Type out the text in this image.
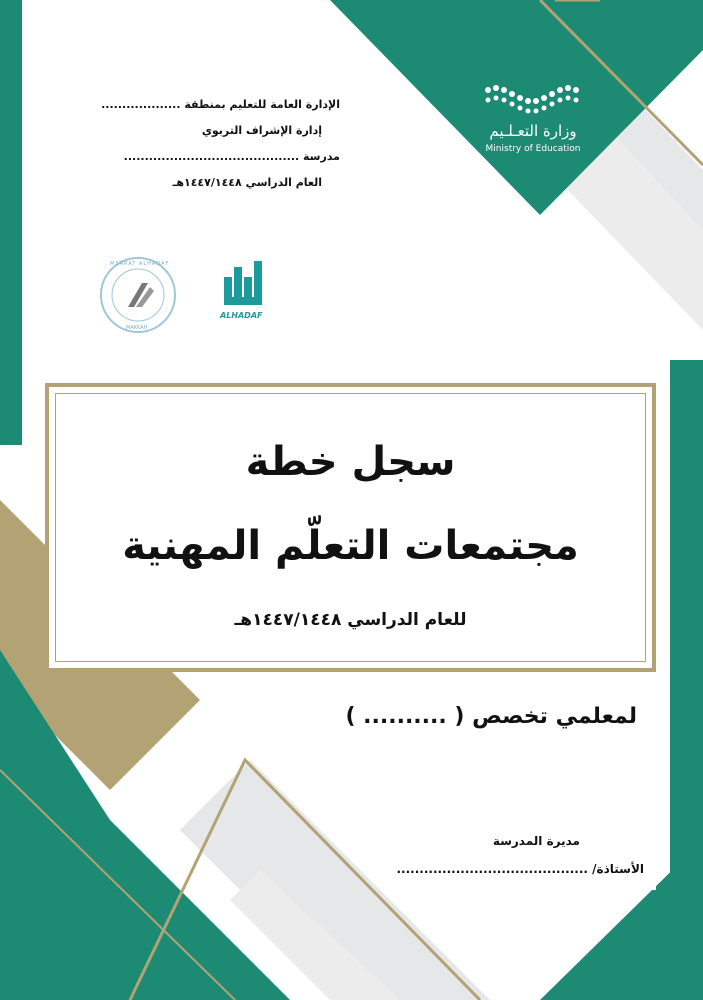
وزارة التعـلـيم
Ministry of Education
الإدارة العامة للتعليم بمنطقة ...................
إدارة الإشراف التربوي
مدرسة ..........................................
العام الدراسي ١٤٤٧/١٤٤٨هـ
MSARAT ALHADAF
MAKKAH
ALHADAF
سجل خطة
مجتمعات التعلّم المهنية
للعام الدراسي ١٤٤٧/١٤٤٨هـ
لمعلمي تخصص ( .......... )
مديرة المدرسة
الأستاذة/ ..........................................
